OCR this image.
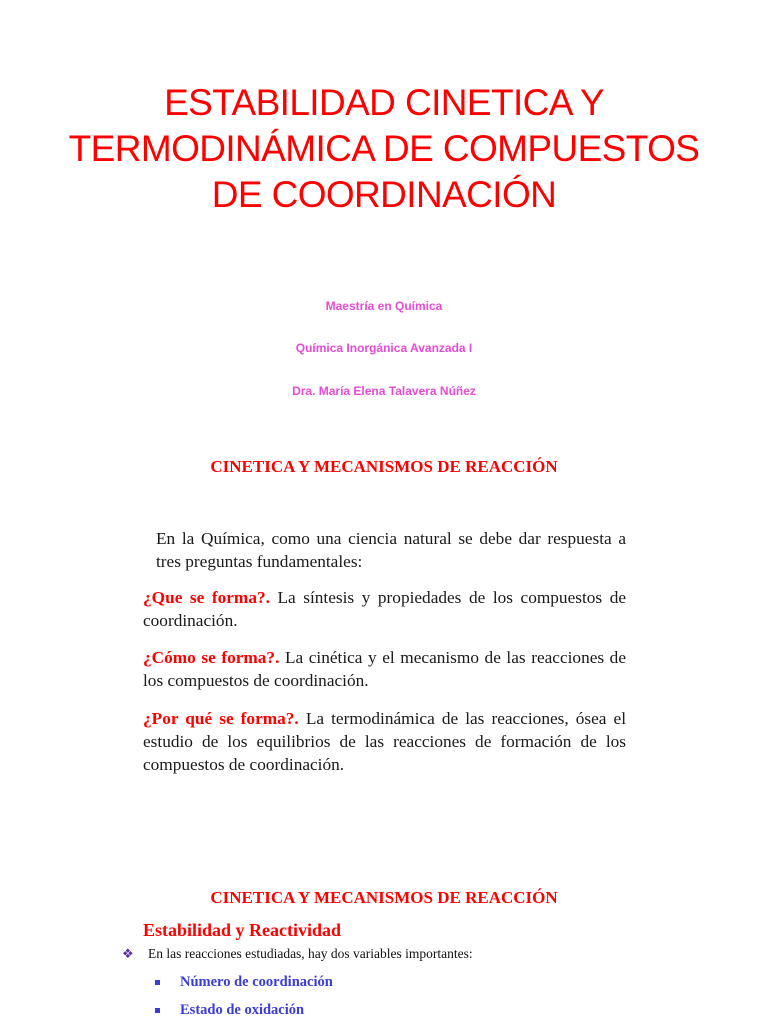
ESTABILIDAD CINETICA Y
TERMODINÁMICA DE COMPUESTOS
DE COORDINACIÓN

Maestría en Química

Química Inorgánica Avanzada I

Dra. María Elena Talavera Núñez

CINETICA Y MECANISMOS DE REACCIÓN

En la Química, como una ciencia natural se debe dar respuesta a tres preguntas fundamentales:

¿Que se forma?. La síntesis y propiedades de los compuestos de coordinación.

¿Cómo se forma?. La cinética y el mecanismo de las reacciones de los compuestos de coordinación.

¿Por qué se forma?. La termodinámica de las reacciones, ósea el estudio de los equilibrios de las reacciones de formación de los compuestos de coordinación.

CINETICA Y MECANISMOS DE REACCIÓN
Estabilidad y Reactividad
❖ En las reacciones estudiadas, hay dos variables importantes:
Número de coordinación
Estado de oxidación
